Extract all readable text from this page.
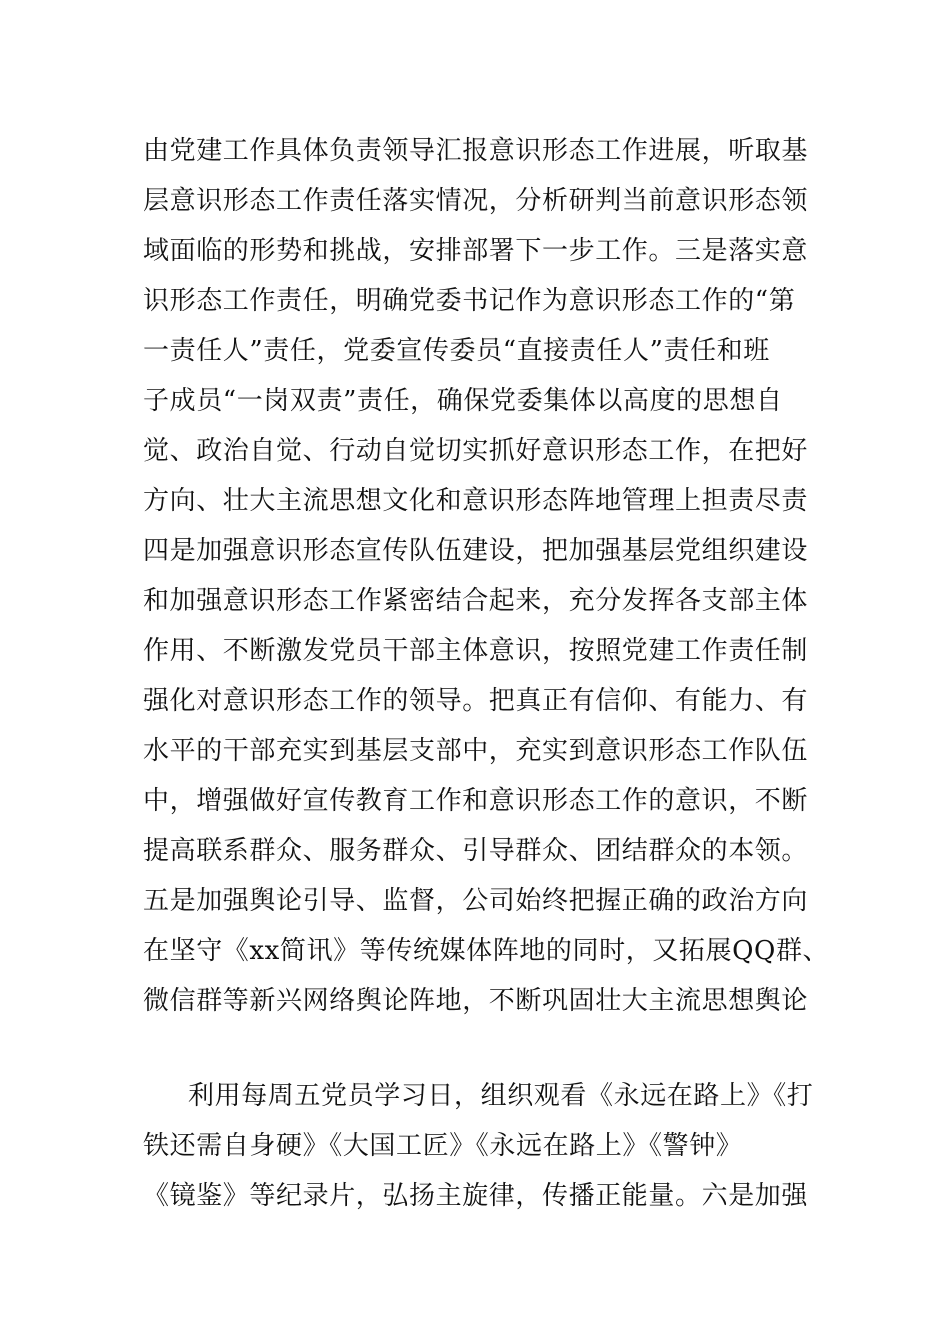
由党建工作具体负责领导汇报意识形态工作进展，听取基
层意识形态工作责任落实情况，分析研判当前意识形态领
域面临的形势和挑战，安排部署下一步工作。三是落实意
识形态工作责任，明确党委书记作为意识形态工作的“第
一责任人”责任，党委宣传委员“直接责任人”责任和班
子成员“一岗双责”责任，确保党委集体以高度的思想自
觉、政治自觉、行动自觉切实抓好意识形态工作，在把好
方向、壮大主流思想文化和意识形态阵地管理上担责尽责
四是加强意识形态宣传队伍建设，把加强基层党组织建设
和加强意识形态工作紧密结合起来，充分发挥各支部主体
作用、不断激发党员干部主体意识，按照党建工作责任制
强化对意识形态工作的领导。把真正有信仰、有能力、有
水平的干部充实到基层支部中，充实到意识形态工作队伍
中，增强做好宣传教育工作和意识形态工作的意识，不断
提高联系群众、服务群众、引导群众、团结群众的本领。
五是加强舆论引导、监督，公司始终把握正确的政治方向
在坚守《xx简讯》等传统媒体阵地的同时，又拓展QQ群、
微信群等新兴网络舆论阵地，不断巩固壮大主流思想舆论
利用每周五党员学习日，组织观看《永远在路上》《打
铁还需自身硬》《大国工匠》《永远在路上》《警钟》
《镜鉴》等纪录片，弘扬主旋律，传播正能量。六是加强
